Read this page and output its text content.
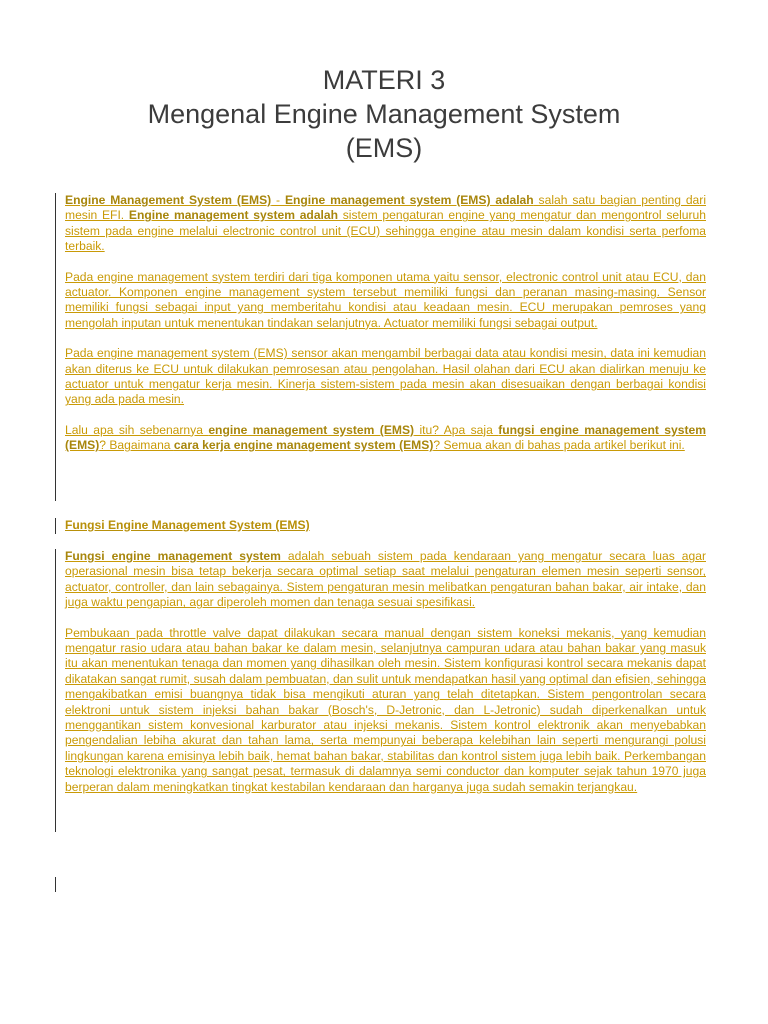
MATERI 3
Mengenal Engine Management System
(EMS)

Engine Management System (EMS) - Engine management system (EMS) adalah salah satu bagian penting dari mesin EFI. Engine management system adalah sistem pengaturan engine yang mengatur dan mengontrol seluruh sistem pada engine melalui electronic control unit (ECU) sehingga engine atau mesin dalam kondisi serta perfoma terbaik.

Pada engine management system terdiri dari tiga komponen utama yaitu sensor, electronic control unit atau ECU, dan actuator. Komponen engine management system tersebut memiliki fungsi dan peranan masing-masing. Sensor memiliki fungsi sebagai input yang memberitahu kondisi atau keadaan mesin. ECU merupakan pemroses yang mengolah inputan untuk menentukan tindakan selanjutnya. Actuator memiliki fungsi sebagai output.

Pada engine management system (EMS) sensor akan mengambil berbagai data atau kondisi mesin, data ini kemudian akan diterus ke ECU untuk dilakukan pemrosesan atau pengolahan. Hasil olahan dari ECU akan dialirkan menuju ke actuator untuk mengatur kerja mesin. Kinerja sistem-sistem pada mesin akan disesuaikan dengan berbagai kondisi yang ada pada mesin.

Lalu apa sih sebenarnya engine management system (EMS) itu? Apa saja fungsi engine management system (EMS)? Bagaimana cara kerja engine management system (EMS)? Semua akan di bahas pada artikel berikut ini.

Fungsi Engine Management System (EMS)

Fungsi engine management system adalah sebuah sistem pada kendaraan yang mengatur secara luas agar operasional mesin bisa tetap bekerja secara optimal setiap saat melalui pengaturan elemen mesin seperti sensor, actuator, controller, dan lain sebagainya. Sistem pengaturan mesin melibatkan pengaturan bahan bakar, air intake, dan juga waktu pengapian, agar diperoleh momen dan tenaga sesuai spesifikasi.

Pembukaan pada throttle valve dapat dilakukan secara manual dengan sistem koneksi mekanis, yang kemudian mengatur rasio udara atau bahan bakar ke dalam mesin, selanjutnya campuran udara atau bahan bakar yang masuk itu akan menentukan tenaga dan momen yang dihasilkan oleh mesin. Sistem konfigurasi kontrol secara mekanis dapat dikatakan sangat rumit, susah dalam pembuatan, dan sulit untuk mendapatkan hasil yang optimal dan efisien, sehingga mengakibatkan emisi buangnya tidak bisa mengikuti aturan yang telah ditetapkan. Sistem pengontrolan secara elektroni untuk sistem injeksi bahan bakar (Bosch's, D-Jetronic, dan L-Jetronic) sudah diperkenalkan untuk menggantikan sistem konvesional karburator atau injeksi mekanis. Sistem kontrol elektronik akan menyebabkan pengendalian lebiha akurat dan tahan lama, serta mempunyai beberapa kelebihan lain seperti mengurangi polusi lingkungan karena emisinya lebih baik, hemat bahan bakar, stabilitas dan kontrol sistem juga lebih baik. Perkembangan teknologi elektronika yang sangat pesat, termasuk di dalamnya semi conductor dan komputer sejak tahun 1970 juga berperan dalam meningkatkan tingkat kestabilan kendaraan dan harganya juga sudah semakin terjangkau.
